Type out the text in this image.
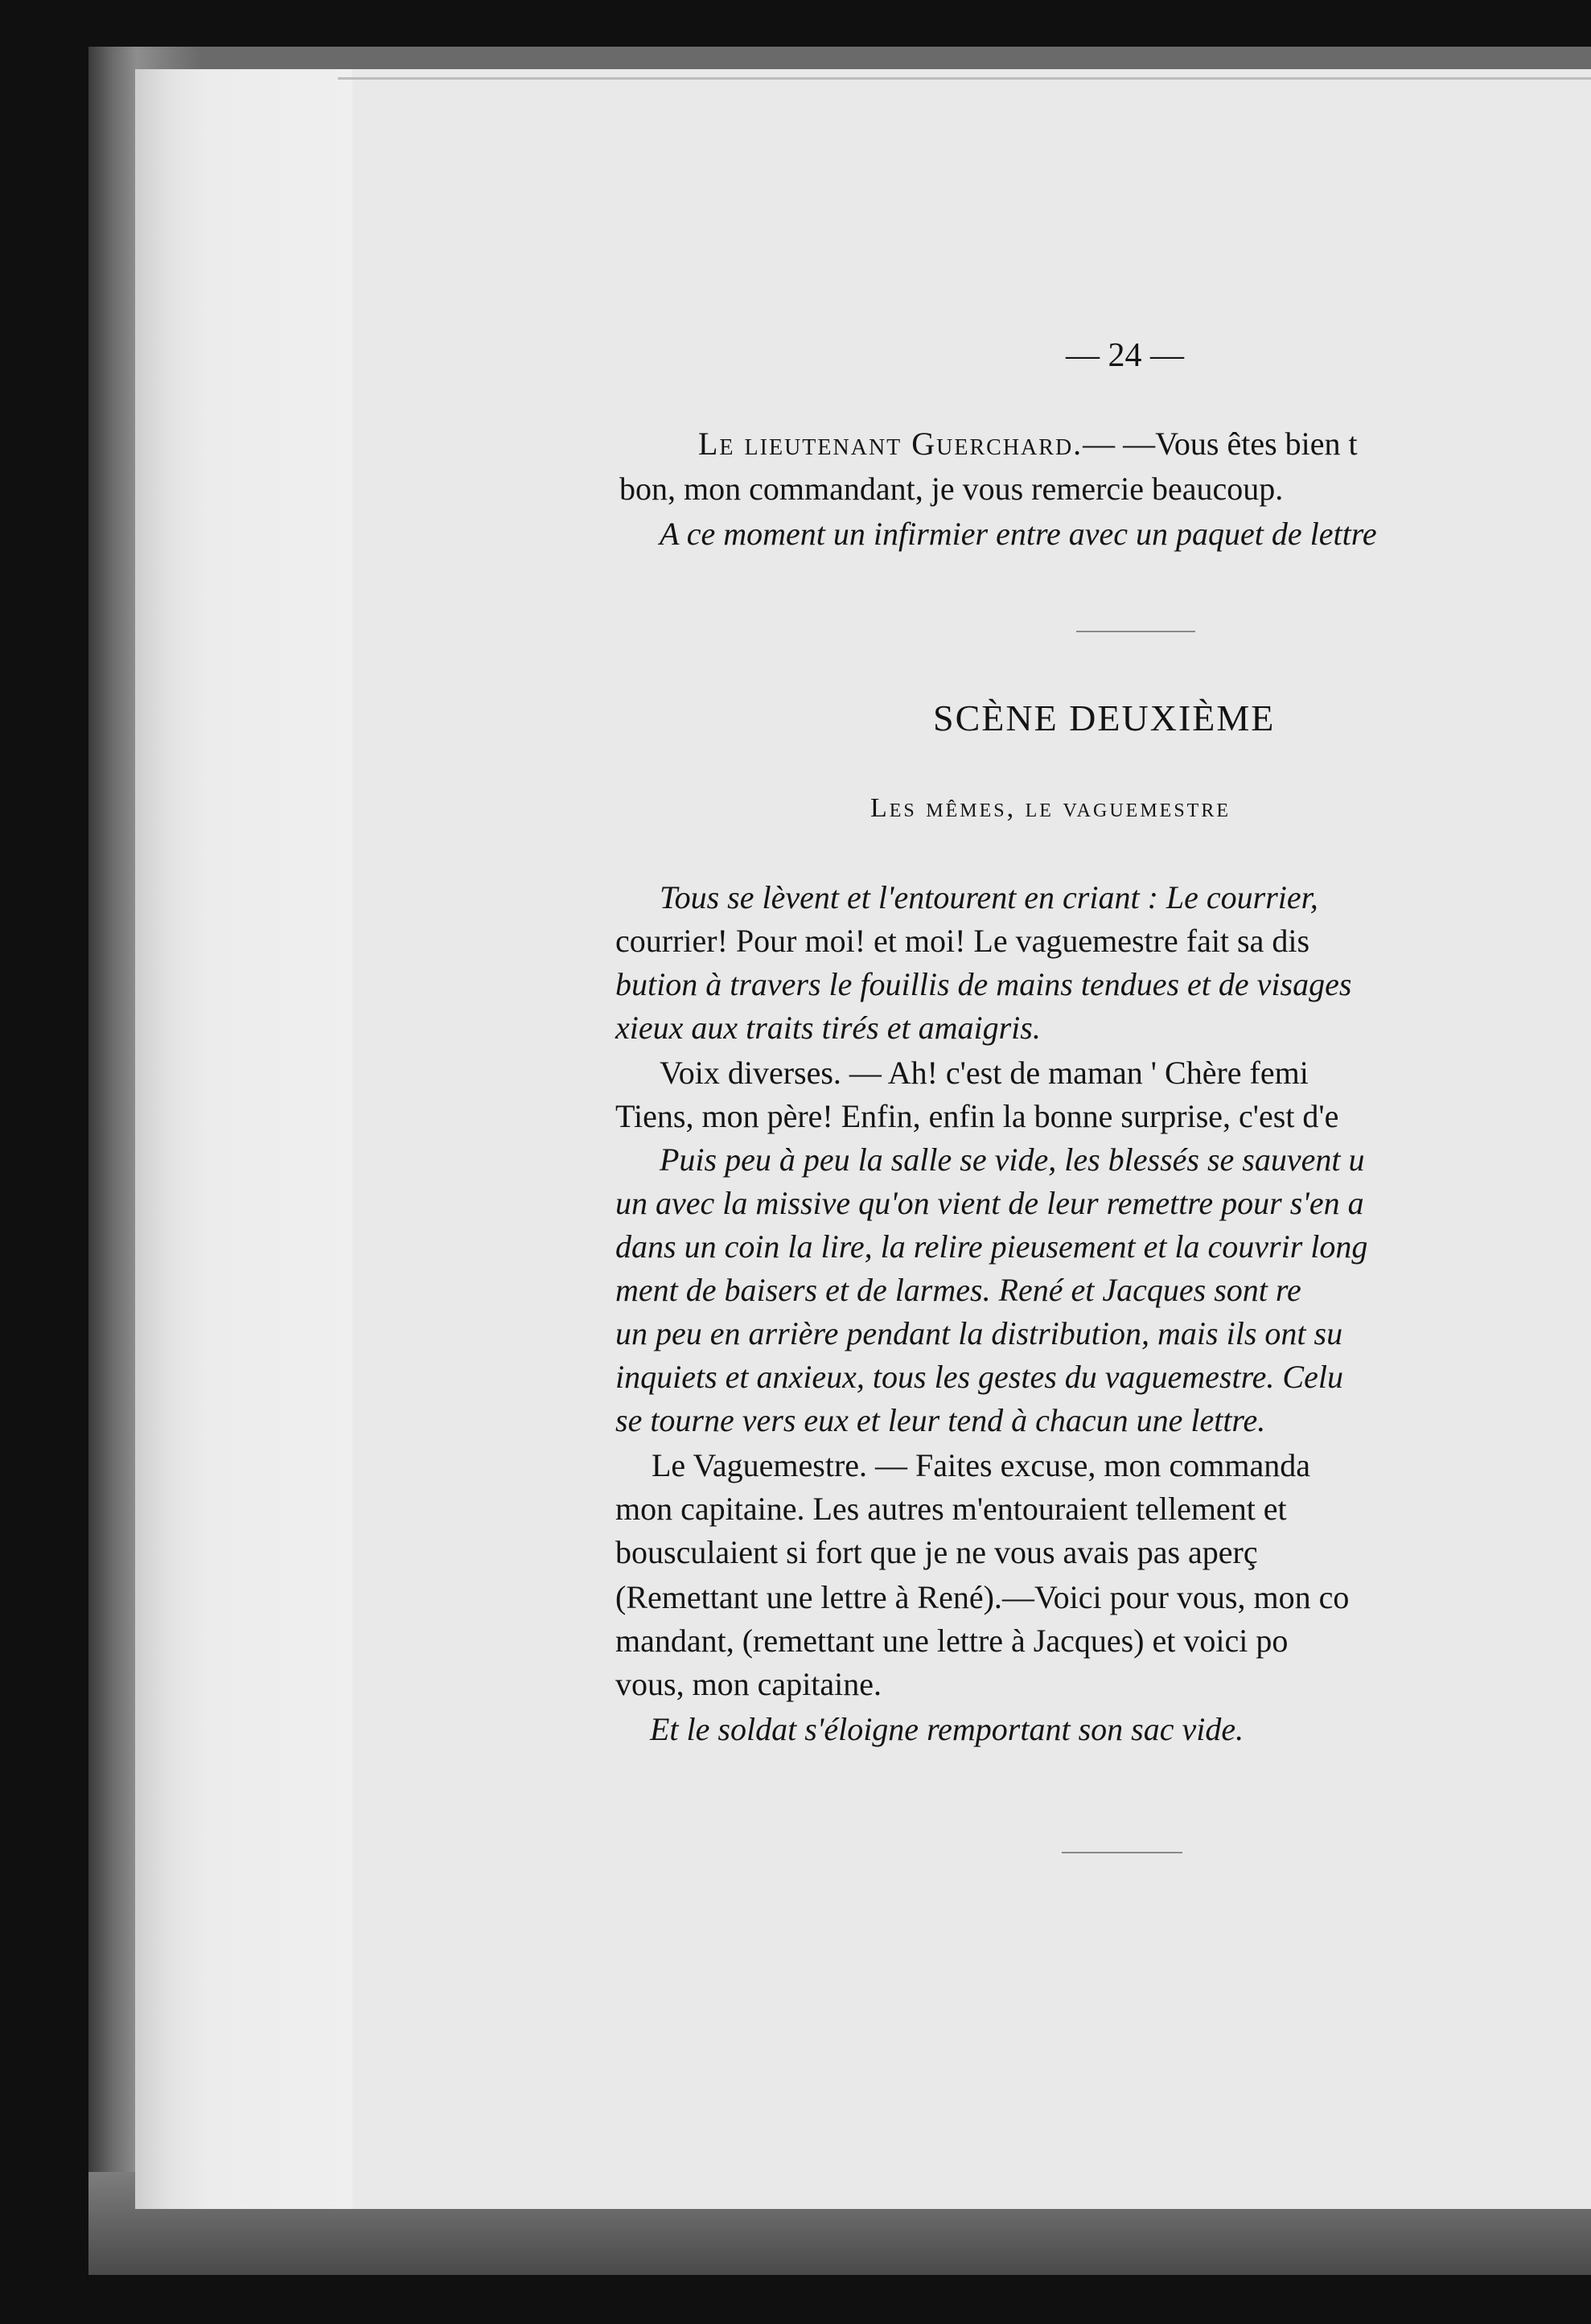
— 24 —
Le lieutenant Guerchard.— —Vous êtes bien t
bon, mon commandant, je vous remercie beaucoup.
A ce moment un infirmier entre avec un paquet de lettre
SCÈNE DEUXIÈME
Les mêmes, le vaguemestre
Tous se lèvent et l'entourent en criant : Le courrier,
courrier! Pour moi! et moi! Le vaguemestre fait sa dis
bution à travers le fouillis de mains tendues et de visages
xieux aux traits tirés et amaigris.
Voix diverses. — Ah! c'est de maman ' Chère femi
Tiens, mon père! Enfin, enfin la bonne surprise, c'est d'e
Puis peu à peu la salle se vide, les blessés se sauvent u
un avec la missive qu'on vient de leur remettre pour s'en a
dans un coin la lire, la relire pieusement et la couvrir long
ment de baisers et de larmes. René et Jacques sont re
un peu en arrière pendant la distribution, mais ils ont su
inquiets et anxieux, tous les gestes du vaguemestre. Celu
se tourne vers eux et leur tend à chacun une lettre.
Le Vaguemestre. — Faites excuse, mon commanda
mon capitaine. Les autres m'entouraient tellement et
bousculaient si fort que je ne vous avais pas aperç
(Remettant une lettre à René).—Voici pour vous, mon co
mandant, (remettant une lettre à Jacques) et voici po
vous, mon capitaine.
Et le soldat s'éloigne remportant son sac vide.
